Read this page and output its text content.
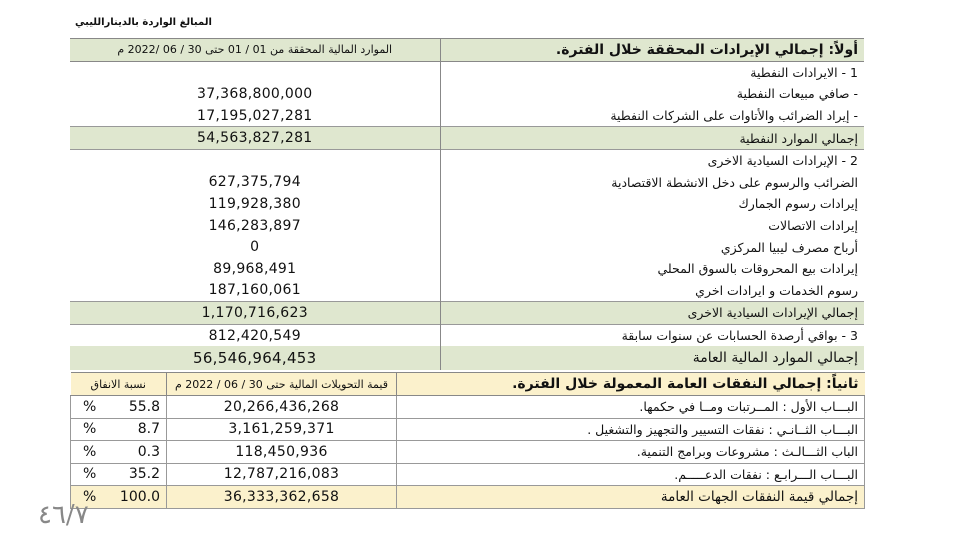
المبالغ الواردة بالدينارالليبي
الموارد المالية المحققة من 01 / 01 حتى 30 / 06 /2022 م	أولاً: إجمالي الإيرادات المحققة خلال الفترة.
	1 - الايرادات النفطية
37,368,800,000	- صافي مبيعات النفطية
17,195,027,281	- إيراد الضرائب والأتاوات على الشركات النفطية
54,563,827,281	إجمالي الموارد النفطية
	2 - الإيرادات السيادية الاخرى
627,375,794	الضرائب والرسوم على دخل الانشطة الاقتصادية
119,928,380	إيرادات رسوم الجمارك
146,283,897	إيرادات الاتصالات
0	أرباح مصرف ليبيا المركزي
89,968,491	إيرادات بيع المحروقات بالسوق المحلي
187,160,061	رسوم الخدمات و ايرادات اخري
1,170,716,623	إجمالي الإيرادات السيادية الاخرى
812,420,549	3 - بواقي أرصدة الحسابات عن سنوات سابقة
56,546,964,453	إجمالي الموارد المالية العامة
نسبة الانفاق	قيمة التحويلات المالية حتى 30 / 06 / 2022 م	ثانياً: إجمالي النفقات العامة المعمولة خلال الفترة.

% 55.8	20,266,436,268	البـــاب الأول : المــرتبات ومــا في حكمها.

% 8.7	3,161,259,371	البـــاب الثــانـي : نفقات التسيير والتجهيز والتشغيل .

% 0.3	118,450,936	الباب الثـــالـث : مشروعات وبرامج التنمية.

% 35.2	12,787,216,083	البـــاب الـــرابـع : نفقات الدعـــــم.

% 100.0	36,333,362,658	إجمالي قيمة النفقات الجهات العامة
٤٦/٧
